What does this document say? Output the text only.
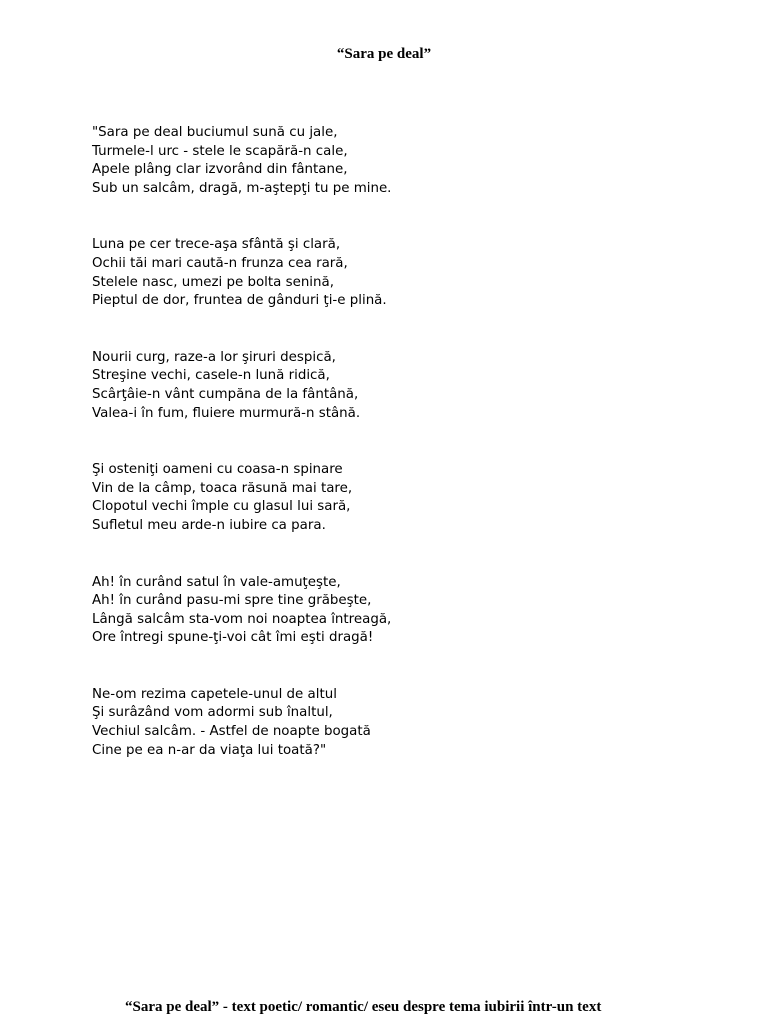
“Sara pe deal”
"Sara pe deal buciumul sună cu jale,
Turmele-l urc - stele le scapără-n cale,
Apele plâng clar izvorând din fântane,
Sub un salcâm, dragă, m-aştepţi tu pe mine.
Luna pe cer trece-aşa sfântă şi clară,
Ochii tăi mari caută-n frunza cea rară,
Stelele nasc, umezi pe bolta senină,
Pieptul de dor, fruntea de gânduri ţi-e plină.
Nourii curg, raze-a lor şiruri despică,
Streşine vechi, casele-n lună ridică,
Scârţâie-n vânt cumpăna de la fântână,
Valea-i în fum, fluiere murmură-n stână.
Şi osteniţi oameni cu coasa-n spinare
Vin de la câmp, toaca răsună mai tare,
Clopotul vechi împle cu glasul lui sară,
Sufletul meu arde-n iubire ca para.
Ah! în curând satul în vale-amuţeşte,
Ah! în curând pasu-mi spre tine grăbeşte,
Lângă salcâm sta-vom noi noaptea întreagă,
Ore întregi spune-ţi-voi cât îmi eşti dragă!
Ne-om rezima capetele-unul de altul
Şi surâzând vom adormi sub înaltul,
Vechiul salcâm. - Astfel de noapte bogată
Cine pe ea n-ar da viaţa lui toată?"

“Sara pe deal” - text poetic/ romantic/ eseu despre tema iubirii într-un text
